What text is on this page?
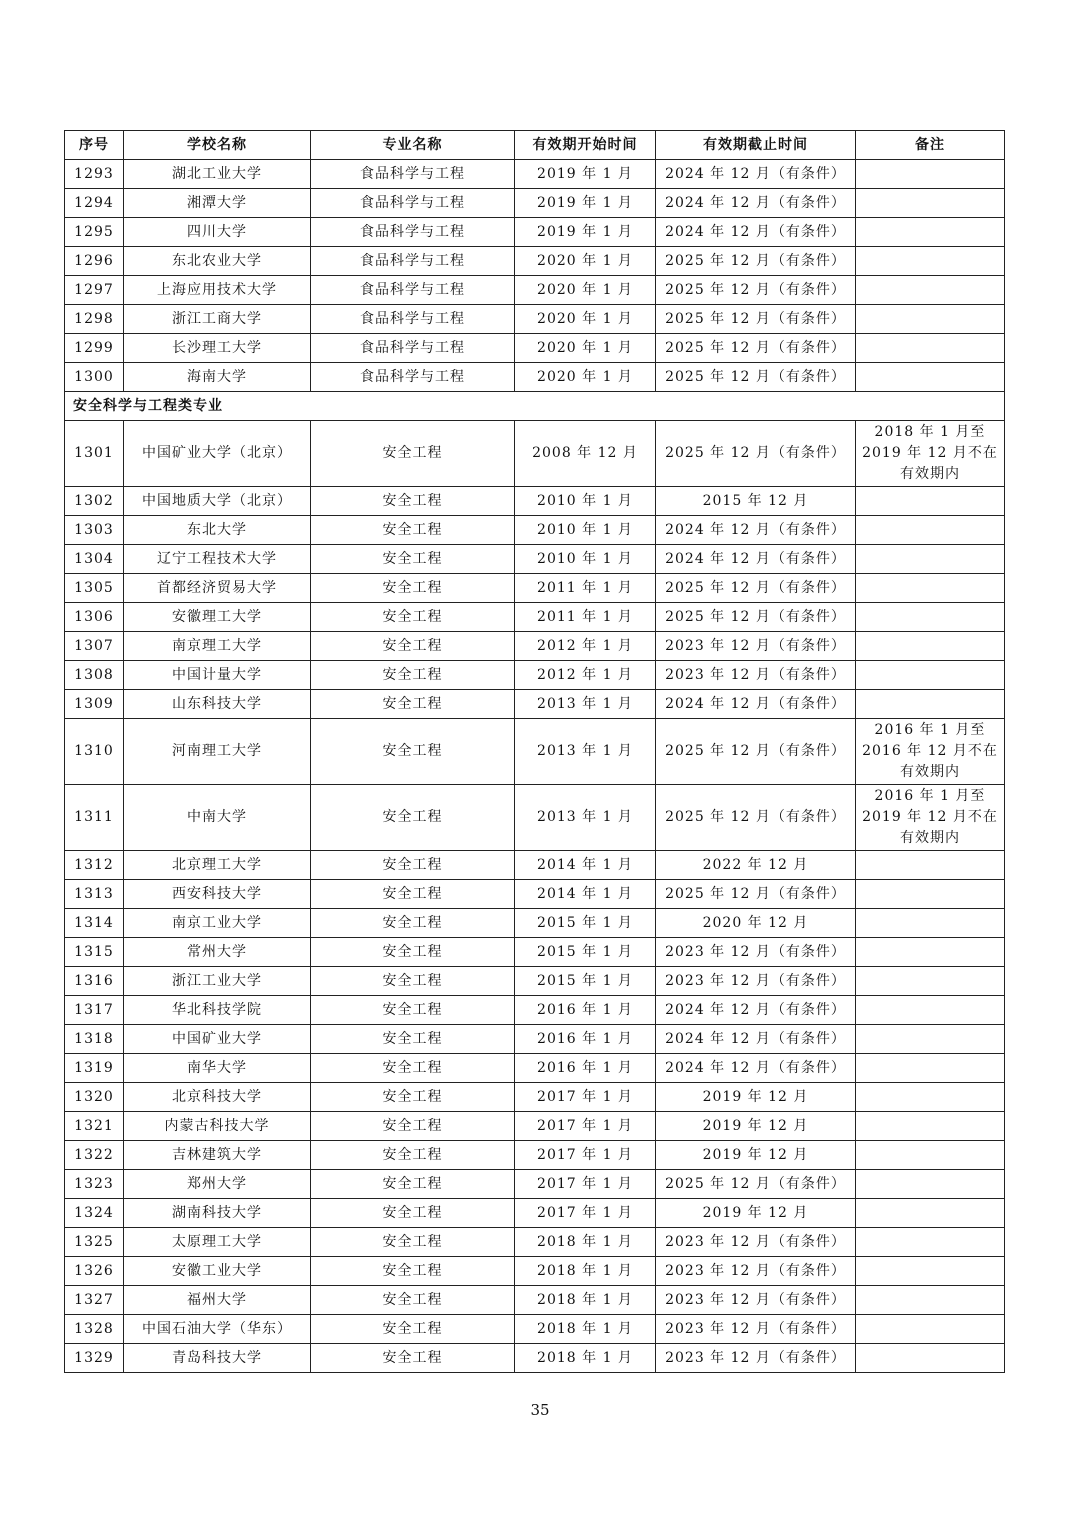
序号	学校名称	专业名称	有效期开始时间	有效期截止时间	备注
1293	湖北工业大学	食品科学与工程	2019 年 1 月	2024 年 12 月（有条件）	
1294	湘潭大学	食品科学与工程	2019 年 1 月	2024 年 12 月（有条件）	
1295	四川大学	食品科学与工程	2019 年 1 月	2024 年 12 月（有条件）	
1296	东北农业大学	食品科学与工程	2020 年 1 月	2025 年 12 月（有条件）	
1297	上海应用技术大学	食品科学与工程	2020 年 1 月	2025 年 12 月（有条件）	
1298	浙江工商大学	食品科学与工程	2020 年 1 月	2025 年 12 月（有条件）	
1299	长沙理工大学	食品科学与工程	2020 年 1 月	2025 年 12 月（有条件）	
1300	海南大学	食品科学与工程	2020 年 1 月	2025 年 12 月（有条件）	
安全科学与工程类专业					
1301	中国矿业大学（北京）	安全工程	2008 年 12 月	2025 年 12 月（有条件）	2018 年 1 月至 2019 年 12 月不在有效期内
1302	中国地质大学（北京）	安全工程	2010 年 1 月	2015 年 12 月	
1303	东北大学	安全工程	2010 年 1 月	2024 年 12 月（有条件）	
1304	辽宁工程技术大学	安全工程	2010 年 1 月	2024 年 12 月（有条件）	
1305	首都经济贸易大学	安全工程	2011 年 1 月	2025 年 12 月（有条件）	
1306	安徽理工大学	安全工程	2011 年 1 月	2025 年 12 月（有条件）	
1307	南京理工大学	安全工程	2012 年 1 月	2023 年 12 月（有条件）	
1308	中国计量大学	安全工程	2012 年 1 月	2023 年 12 月（有条件）	
1309	山东科技大学	安全工程	2013 年 1 月	2024 年 12 月（有条件）	
1310	河南理工大学	安全工程	2013 年 1 月	2025 年 12 月（有条件）	2016 年 1 月至 2016 年 12 月不在有效期内
1311	中南大学	安全工程	2013 年 1 月	2025 年 12 月（有条件）	2016 年 1 月至 2019 年 12 月不在有效期内
1312	北京理工大学	安全工程	2014 年 1 月	2022 年 12 月	
1313	西安科技大学	安全工程	2014 年 1 月	2025 年 12 月（有条件）	
1314	南京工业大学	安全工程	2015 年 1 月	2020 年 12 月	
1315	常州大学	安全工程	2015 年 1 月	2023 年 12 月（有条件）	
1316	浙江工业大学	安全工程	2015 年 1 月	2023 年 12 月（有条件）	
1317	华北科技学院	安全工程	2016 年 1 月	2024 年 12 月（有条件）	
1318	中国矿业大学	安全工程	2016 年 1 月	2024 年 12 月（有条件）	
1319	南华大学	安全工程	2016 年 1 月	2024 年 12 月（有条件）	
1320	北京科技大学	安全工程	2017 年 1 月	2019 年 12 月	
1321	内蒙古科技大学	安全工程	2017 年 1 月	2019 年 12 月	
1322	吉林建筑大学	安全工程	2017 年 1 月	2019 年 12 月	
1323	郑州大学	安全工程	2017 年 1 月	2025 年 12 月（有条件）	
1324	湖南科技大学	安全工程	2017 年 1 月	2019 年 12 月	
1325	太原理工大学	安全工程	2018 年 1 月	2023 年 12 月（有条件）	
1326	安徽工业大学	安全工程	2018 年 1 月	2023 年 12 月（有条件）	
1327	福州大学	安全工程	2018 年 1 月	2023 年 12 月（有条件）	
1328	中国石油大学（华东）	安全工程	2018 年 1 月	2023 年 12 月（有条件）	
1329	青岛科技大学	安全工程	2018 年 1 月	2023 年 12 月（有条件）	
35
